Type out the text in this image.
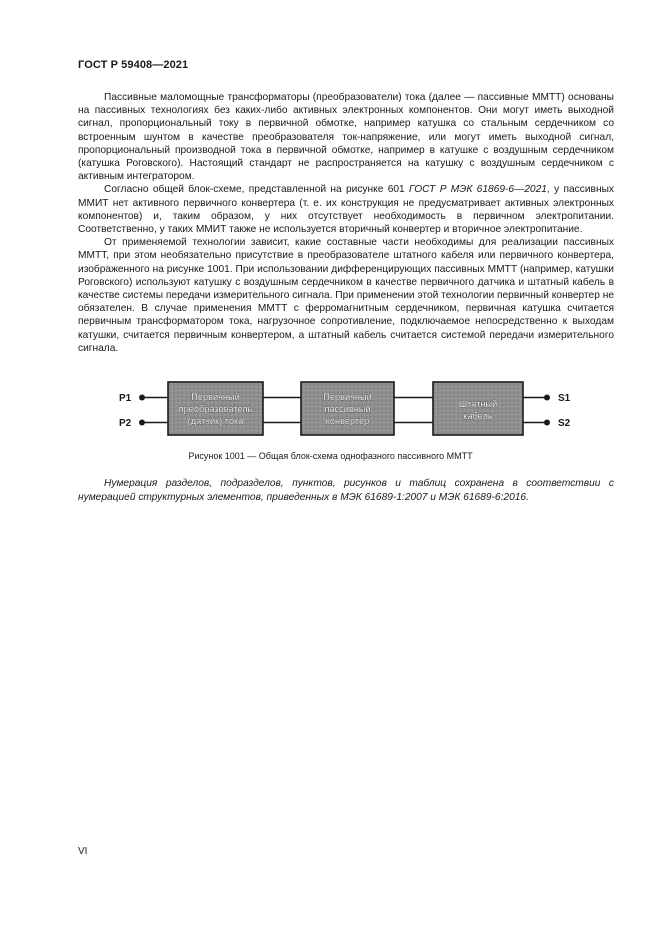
ГОСТ Р 59408—2021

Пассивные маломощные трансформаторы (преобразователи) тока (далее — пассивные ММТТ) основаны на пассивных технологиях без каких-либо активных электронных компонентов. Они могут иметь выходной сигнал, пропорциональный току в первичной обмотке, например катушка со стальным сердечником со встроенным шунтом в качестве преобразователя ток-напряжение, или могут иметь выходной сигнал, пропорциональный производной тока в первичной обмотке, например в катушке с воздушным сердечником (катушка Роговского). Настоящий стандарт не распространяется на катушку с воздушным сердечником с активным интегратором.

Согласно общей блок-схеме, представленной на рисунке 601 ГОСТ Р МЭК 61869-6—2021, у пассивных ММИТ нет активного первичного конвертера (т. е. их конструкция не предусматривает активных электронных компонентов) и, таким образом, у них отсутствует необходимость в первичном электропитании. Соответственно, у таких ММИТ также не используется вторичный конвертер и вторичное электропитание.

От применяемой технологии зависит, какие составные части необходимы для реализации пассивных ММТТ, при этом необязательно присутствие в преобразователе штатного кабеля или первичного конвертера, изображенного на рисунке 1001. При использовании дифференцирующих пассивных ММТТ (например, катушки Роговского) используют катушку с воздушным сердечником в качестве первичного датчика и штатный кабель в качестве системы передачи измерительного сигнала. При применении этой технологии первичный конвертер не обязателен. В случае применения ММТТ с ферромагнитным сердечником, первичная катушка считается первичным трансформатором тока, нагрузочное сопротивление, подключаемое непосредственно к выходам катушки, считается первичным конвертером, а штатный кабель считается системой передачи измерительного сигнала.

P1
P2
Первичный
преобразователь
(датчик) тока
Первичный
пассивный
конвертер
Штатный
кабель
S1
S2
Рисунок 1001 — Общая блок-схема однофазного пассивного ММТТ

Нумерация разделов, подразделов, пунктов, рисунков и таблиц сохранена в соответствии с нумерацией структурных элементов, приведенных в МЭК 61689-1:2007 и МЭК 61689-6:2016.

VI
